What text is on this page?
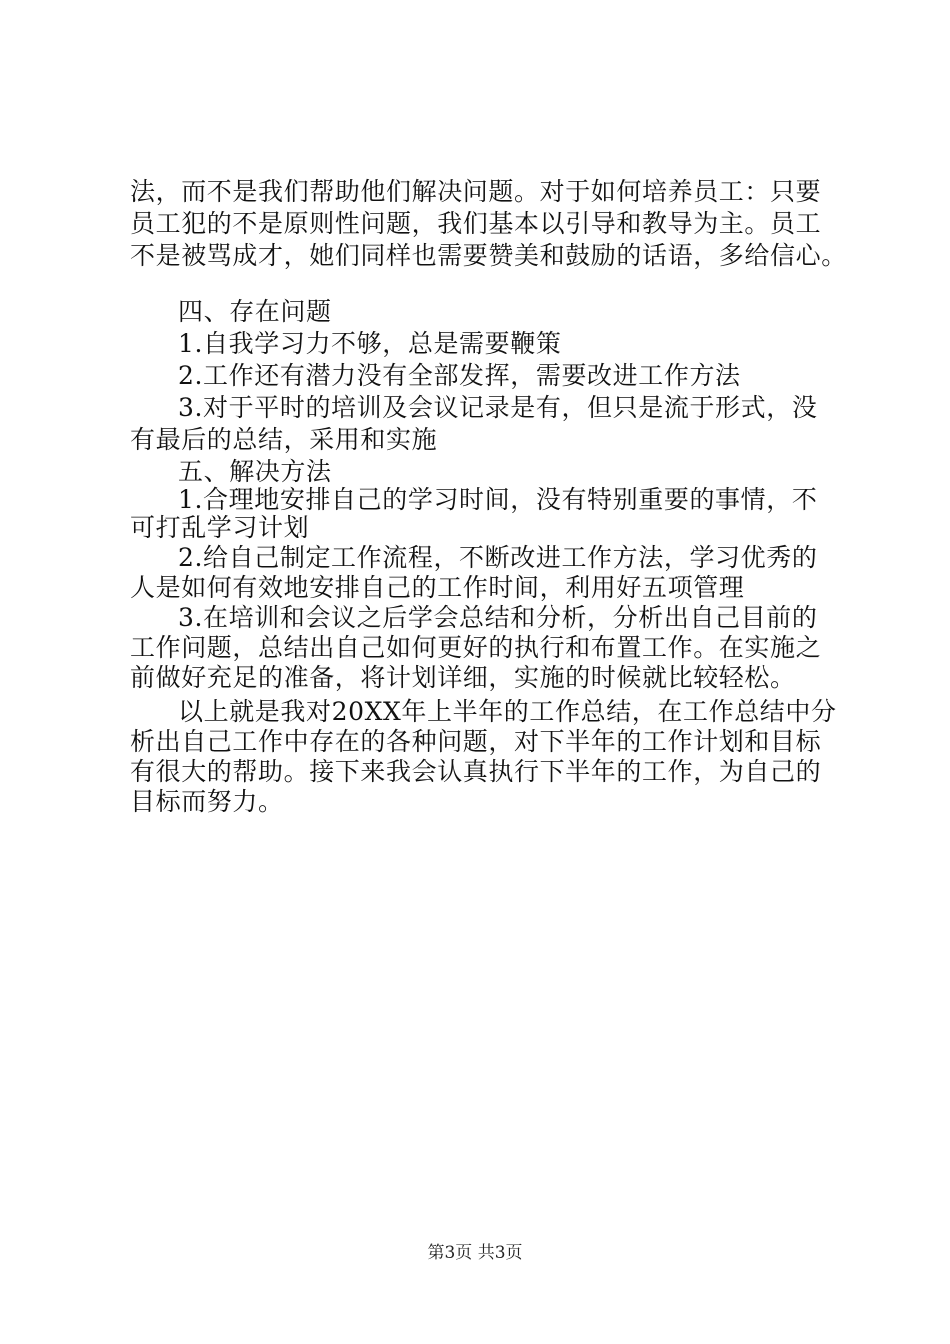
法，而不是我们帮助他们解决问题。对于如何培养员工：只要
员工犯的不是原则性问题，我们基本以引导和教导为主。员工
不是被骂成才，她们同样也需要赞美和鼓励的话语，多给信心。
四、存在问题
1.自我学习力不够，总是需要鞭策
2.工作还有潜力没有全部发挥，需要改进工作方法
3.对于平时的培训及会议记录是有，但只是流于形式，没
有最后的总结，采用和实施
五、解决方法
1.合理地安排自己的学习时间，没有特别重要的事情，不
可打乱学习计划
2.给自己制定工作流程，不断改进工作方法，学习优秀的
人是如何有效地安排自己的工作时间，利用好五项管理
3.在培训和会议之后学会总结和分析，分析出自己目前的
工作问题，总结出自己如何更好的执行和布置工作。在实施之
前做好充足的准备，将计划详细，实施的时候就比较轻松。
以上就是我对20XX年上半年的工作总结，在工作总结中分
析出自己工作中存在的各种问题，对下半年的工作计划和目标
有很大的帮助。接下来我会认真执行下半年的工作，为自己的
目标而努力。
第3页 共3页
